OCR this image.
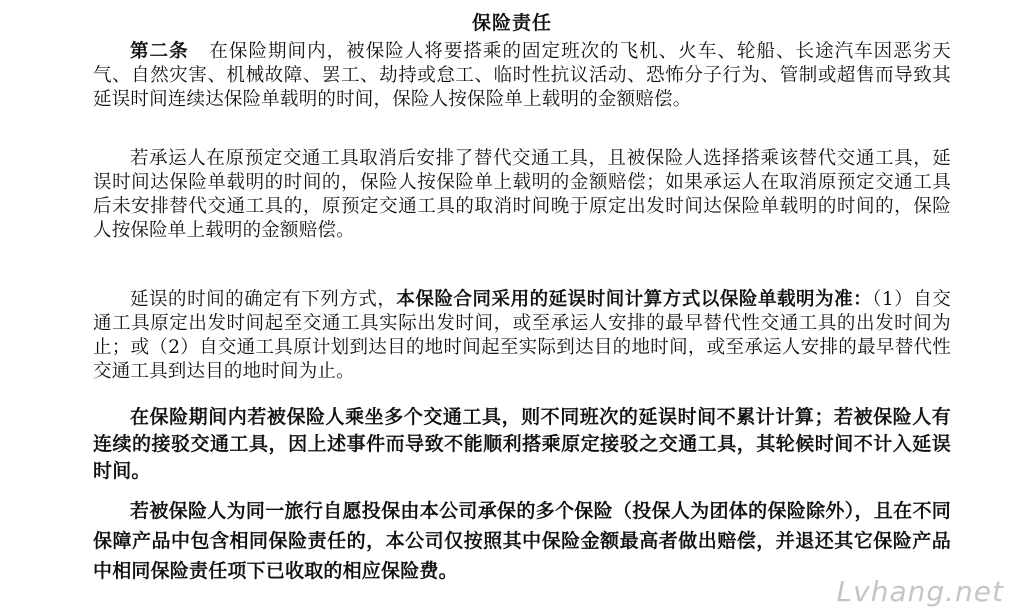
保险责任
第二条 在保险期间内，被保险人将要搭乘的固定班次的飞机、火车、轮船、长途汽车因恶劣天气、自然灾害、机械故障、罢工、劫持或怠工、临时性抗议活动、恐怖分子行为、管制或超售而导致其延误时间连续达保险单载明的时间，保险人按保险单上载明的金额赔偿。
若承运人在原预定交通工具取消后安排了替代交通工具，且被保险人选择搭乘该替代交通工具，延误时间达保险单载明的时间的，保险人按保险单上载明的金额赔偿；如果承运人在取消原预定交通工具后未安排替代交通工具的，原预定交通工具的取消时间晚于原定出发时间达保险单载明的时间的，保险人按保险单上载明的金额赔偿。
延误的时间的确定有下列方式，本保险合同采用的延误时间计算方式以保险单载明为准：（1）自交通工具原定出发时间起至交通工具实际出发时间，或至承运人安排的最早替代性交通工具的出发时间为止；或（2）自交通工具原计划到达目的地时间起至实际到达目的地时间，或至承运人安排的最早替代性交通工具到达目的地时间为止。
在保险期间内若被保险人乘坐多个交通工具，则不同班次的延误时间不累计计算；若被保险人有连续的接驳交通工具，因上述事件而导致不能顺利搭乘原定接驳之交通工具，其轮候时间不计入延误时间。
若被保险人为同一旅行自愿投保由本公司承保的多个保险（投保人为团体的保险除外），且在不同保障产品中包含相同保险责任的，本公司仅按照其中保险金额最高者做出赔偿，并退还其它保险产品中相同保险责任项下已收取的相应保险费。
Lvhang.net
